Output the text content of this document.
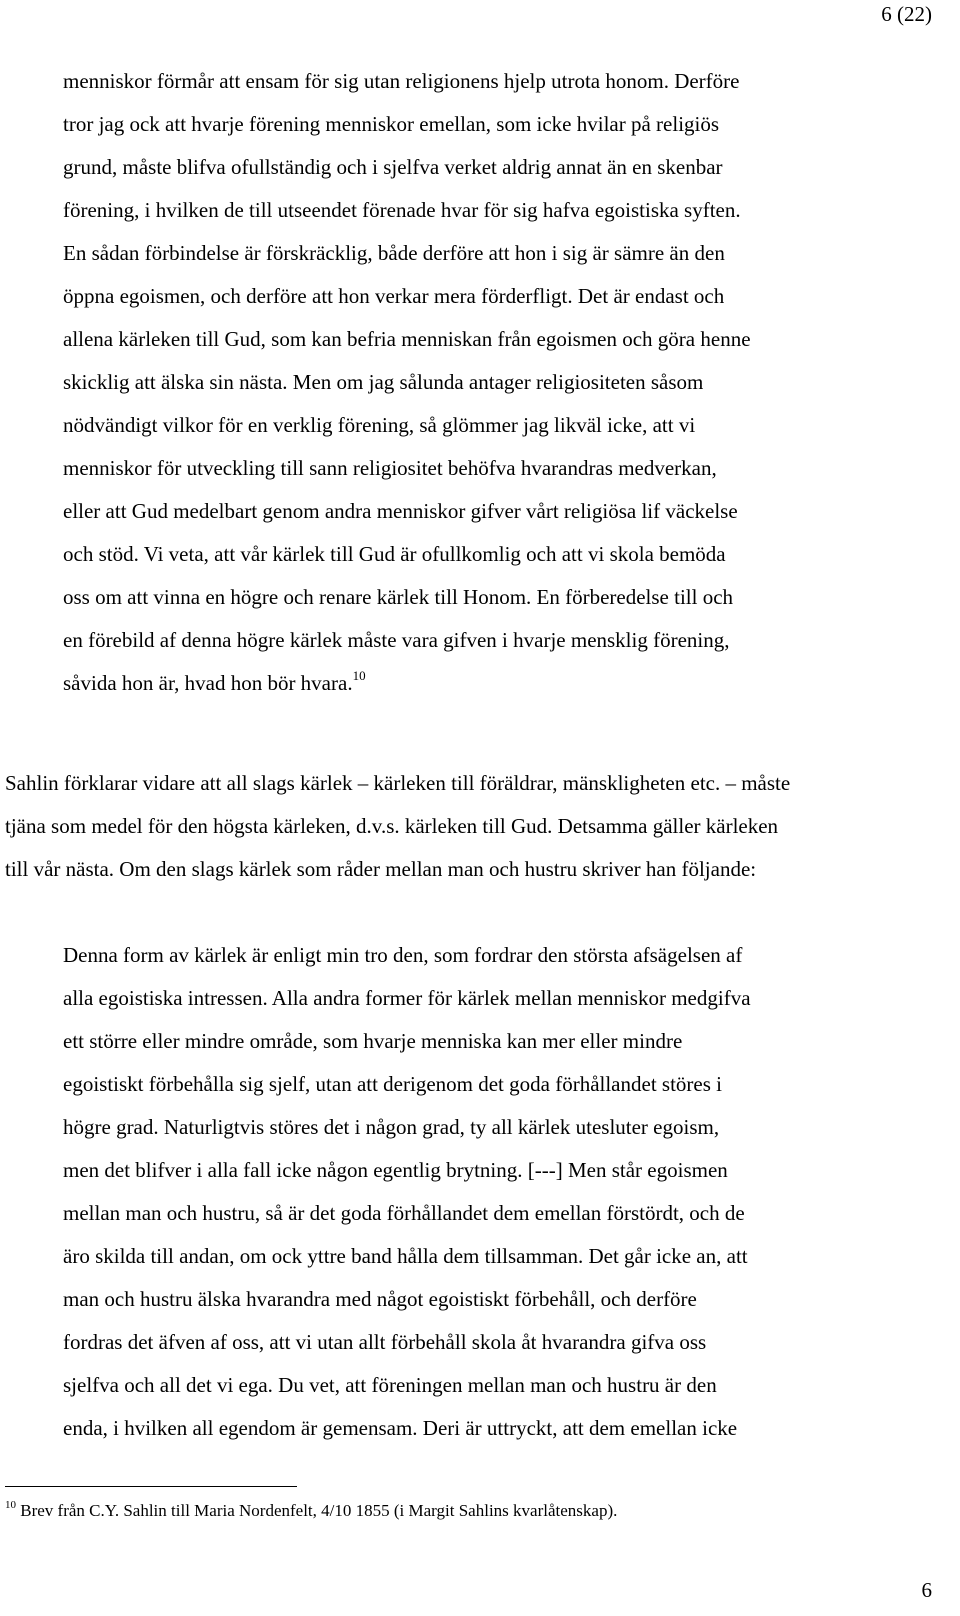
6 (22)
menniskor förmår att ensam för sig utan religionens hjelp utrota honom. Derföre
tror jag ock att hvarje förening menniskor emellan, som icke hvilar på religiös
grund, måste blifva ofullständig och i sjelfva verket aldrig annat än en skenbar
förening, i hvilken de till utseendet förenade hvar för sig hafva egoistiska syften.
En sådan förbindelse är förskräcklig, både derföre att hon i sig är sämre än den
öppna egoismen, och derföre att hon verkar mera förderfligt. Det är endast och
allena kärleken till Gud, som kan befria menniskan från egoismen och göra henne
skicklig att älska sin nästa. Men om jag sålunda antager religiositeten såsom
nödvändigt vilkor för en verklig förening, så glömmer jag likväl icke, att vi
menniskor för utveckling till sann religiositet behöfva hvarandras medverkan,
eller att Gud medelbart genom andra menniskor gifver vårt religiösa lif väckelse
och stöd. Vi veta, att vår kärlek till Gud är ofullkomlig och att vi skola bemöda
oss om att vinna en högre och renare kärlek till Honom. En förberedelse till och
en förebild af denna högre kärlek måste vara gifven i hvarje mensklig förening,
såvida hon är, hvad hon bör hvara.$^{10}$
Sahlin förklarar vidare att all slags kärlek – kärleken till föräldrar, mänskligheten etc. – måste
tjäna som medel för den högsta kärleken, d.v.s. kärleken till Gud. Detsamma gäller kärleken
till vår nästa. Om den slags kärlek som råder mellan man och hustru skriver han följande:
Denna form av kärlek är enligt min tro den, som fordrar den största afsägelsen af
alla egoistiska intressen. Alla andra former för kärlek mellan menniskor medgifva
ett större eller mindre område, som hvarje menniska kan mer eller mindre
egoistiskt förbehålla sig sjelf, utan att derigenom det goda förhållandet störes i
högre grad. Naturligtvis störes det i någon grad, ty all kärlek utesluter egoism,
men det blifver i alla fall icke någon egentlig brytning. [---] Men står egoismen
mellan man och hustru, så är det goda förhållandet dem emellan förstördt, och de
äro skilda till andan, om ock yttre band hålla dem tillsamman. Det går icke an, att
man och hustru älska hvarandra med något egoistiskt förbehåll, och derföre
fordras det äfven af oss, att vi utan allt förbehåll skola åt hvarandra gifva oss
sjelfva och all det vi ega. Du vet, att föreningen mellan man och hustru är den
enda, i hvilken all egendom är gemensam. Deri är uttryckt, att dem emellan icke
$^{10}$ Brev från C.Y. Sahlin till Maria Nordenfelt, 4/10 1855 (i Margit Sahlins kvarlåtenskap).
6
